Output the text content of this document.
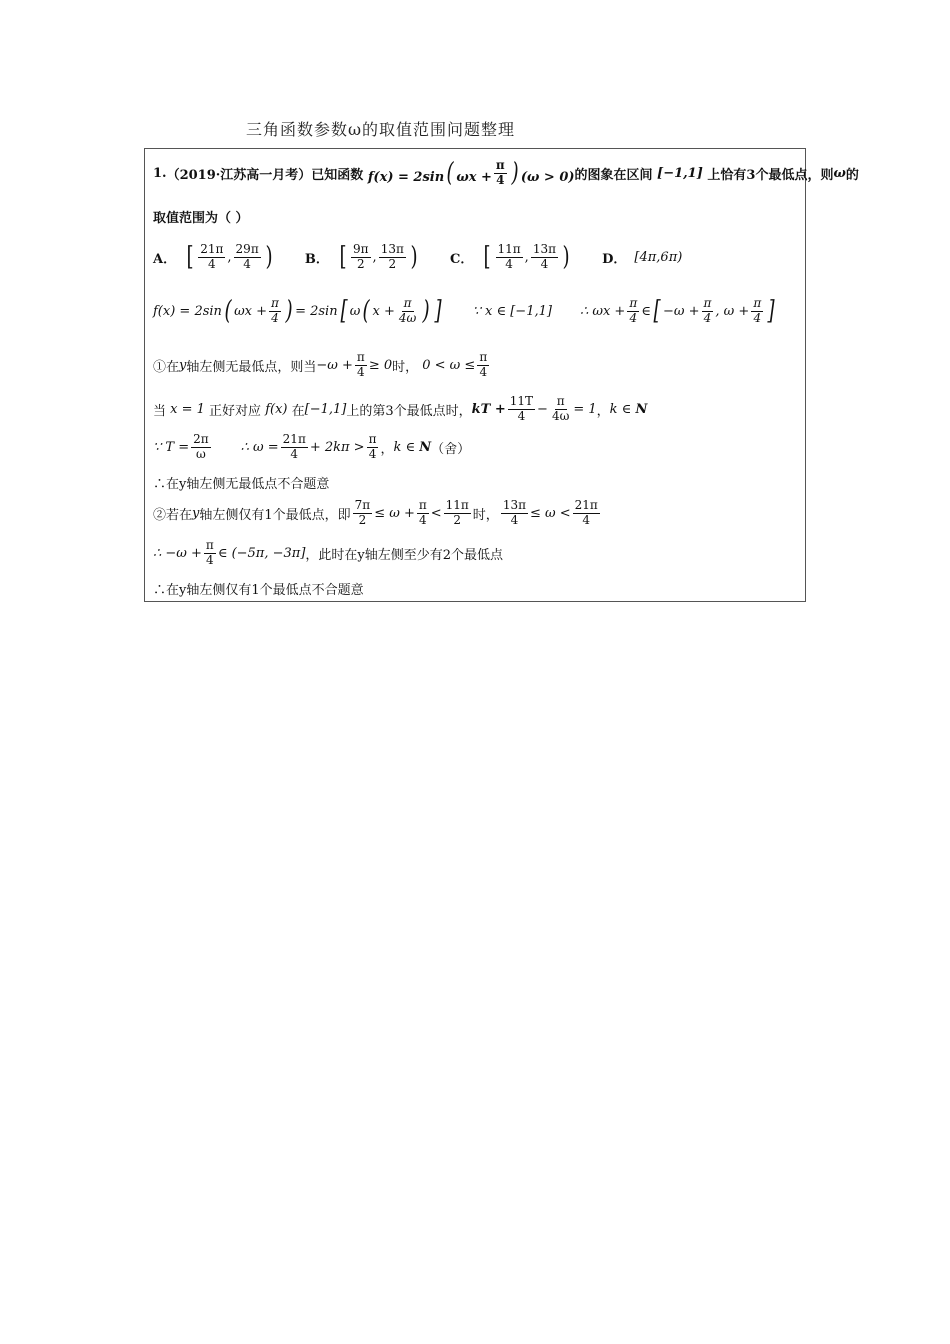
三角函数参数ω的取值范围问题整理
1. （2019·江苏高一月考） 已知函数 f(x) = 2sin( $\omega x + \frac{\pi}{4}$ ) (ω > 0) 的图象在区间 [−1,1] 上恰有3个最低点，则 ω 的
取值范围为（ ）
A． [ $\frac{21\pi}{4}$ , $\frac{29\pi}{4}$ )	B． [ $\frac{9\pi}{2}$ , $\frac{13\pi}{2}$ )	C． [ $\frac{11\pi}{4}$ , $\frac{13\pi}{4}$ )	D． [4π,6π)
f(x) = 2sin ( $\omega x + \frac{\pi}{4}$ ) = 2sin [ ω ( $x + \frac{\pi}{4\omega}$ ) ] ∵ x ∈ [−1,1] ∴ $\omega x + \frac{\pi}{4}$ ∈ [ $-\omega + \frac{\pi}{4}$ , $\omega + \frac{\pi}{4}$ ]
①在 y 轴左侧无最低点，则当 $-\omega + \frac{\pi}{4} \ge 0$ 时， $0 < \omega \le \frac{\pi}{4}$
当 x = 1 正好对应 f(x) 在 [−1,1] 上的第3个最低点时， kT + $\frac{11T}{4} - \frac{\pi}{4\omega} = 1$ ， k ∈ N
∵ $T = \frac{2\pi}{\omega}$ ∴ $\omega = \frac{21\pi}{4} + 2k\pi > \frac{\pi}{4}$ ， k ∈ N （舍）
∴在y轴左侧无最低点不合题意
②若在 y 轴左侧仅有1个最低点，即 $\frac{7\pi}{2} \le \omega + \frac{\pi}{4} < \frac{11\pi}{2}$ 时， $\frac{13\pi}{4} \le \omega < \frac{21\pi}{4}$
∴ $-\omega + \frac{\pi}{4}$ ∈ (−5π, −3π] ，此时在y轴左侧至少有2个最低点
∴在y轴左侧仅有1个最低点不合题意
